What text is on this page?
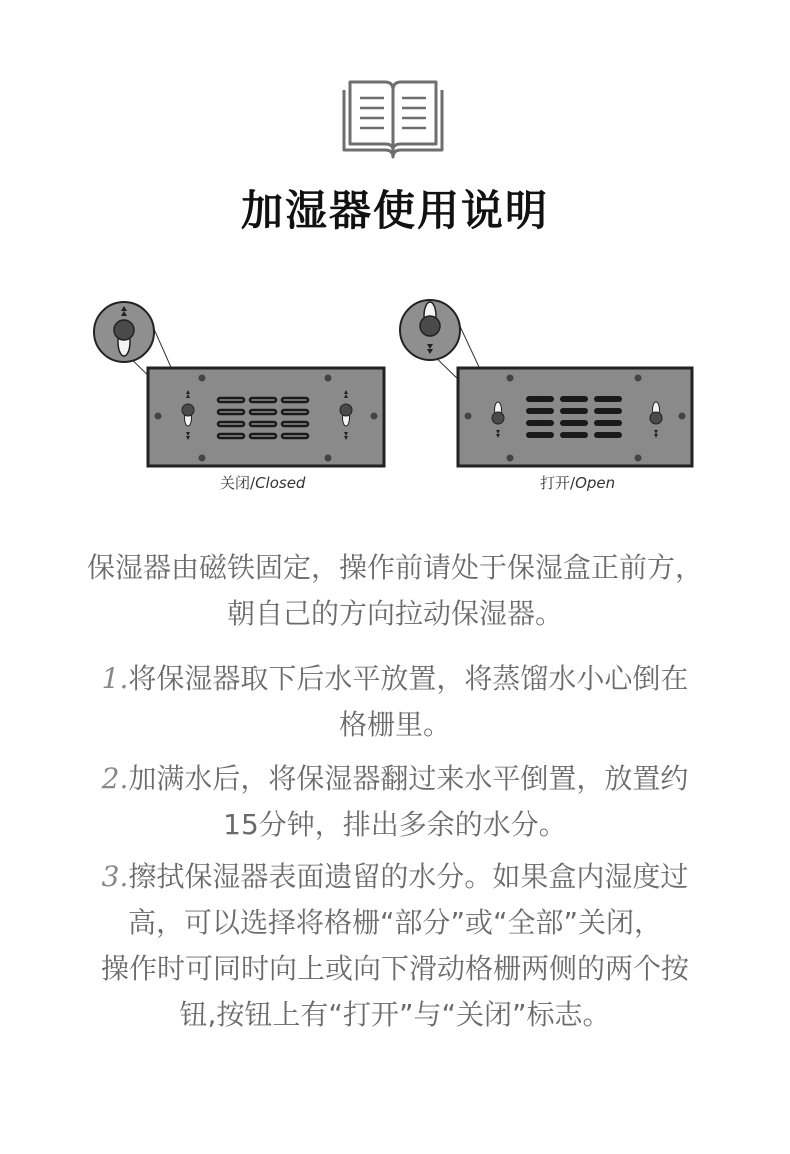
加湿器使用说明
关闭/Closed	打开/Open
保湿器由磁铁固定，操作前请处于保湿盒正前方，
朝自己的方向拉动保湿器。
1.将保湿器取下后水平放置，将蒸馏水小心倒在
格栅里。
2.加满水后，将保湿器翻过来水平倒置，放置约
15分钟，排出多余的水分。
3.擦拭保湿器表面遗留的水分。如果盒内湿度过
高，可以选择将格栅“部分”或“全部”关闭，
操作时可同时向上或向下滑动格栅两侧的两个按
钮,按钮上有“打开”与“关闭”标志。
